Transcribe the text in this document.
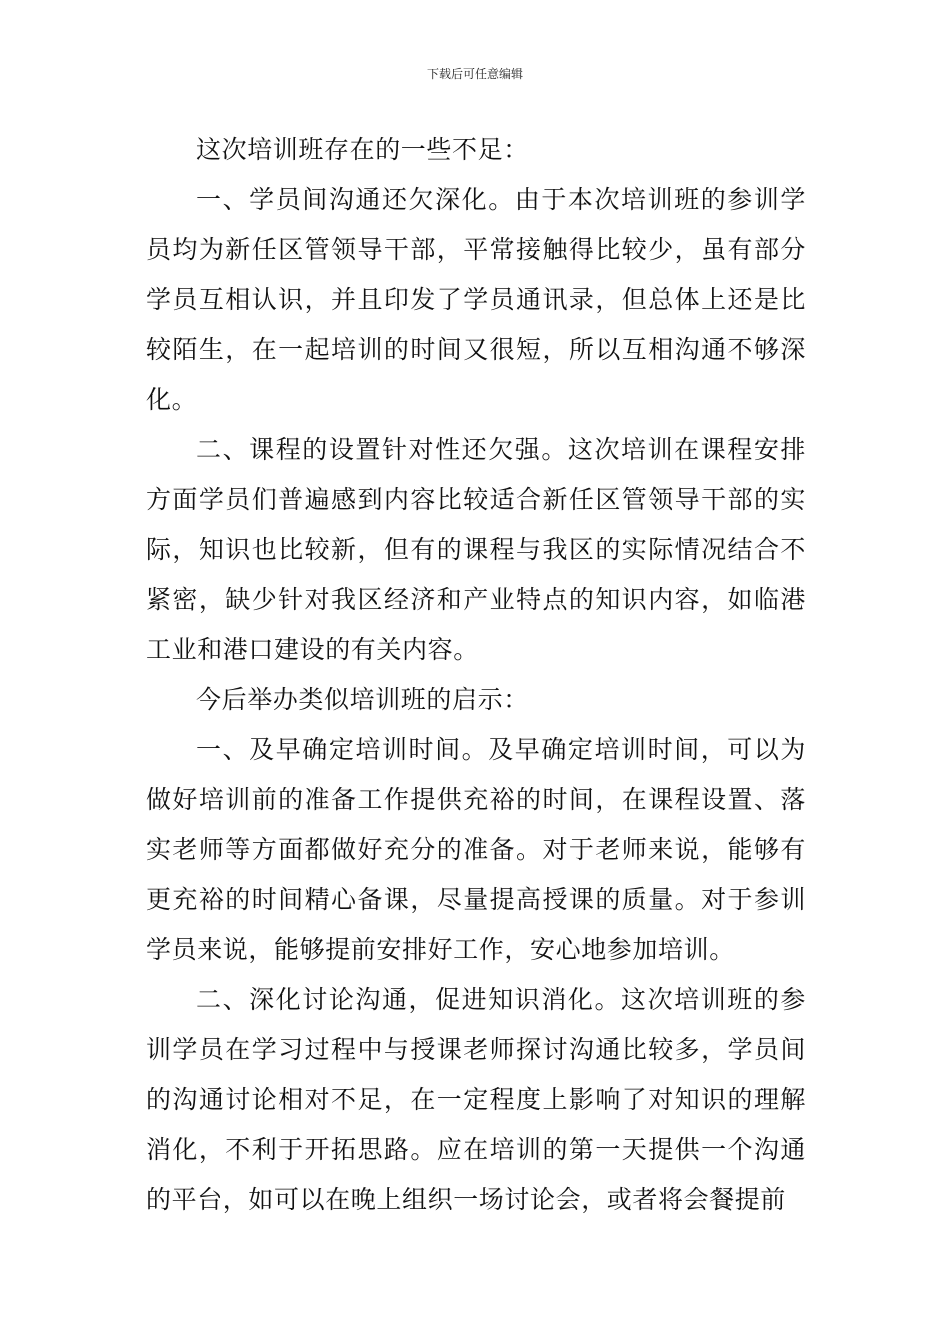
下载后可任意编辑

这次培训班存在的一些不足：

一、学员间沟通还欠深化。由于本次培训班的参训学员均为新任区管领导干部，平常接触得比较少，虽有部分学员互相认识，并且印发了学员通讯录，但总体上还是比较陌生，在一起培训的时间又很短，所以互相沟通不够深化。

二、课程的设置针对性还欠强。这次培训在课程安排方面学员们普遍感到内容比较适合新任区管领导干部的实际，知识也比较新，但有的课程与我区的实际情况结合不紧密，缺少针对我区经济和产业特点的知识内容，如临港工业和港口建设的有关内容。

今后举办类似培训班的启示：

一、及早确定培训时间。及早确定培训时间，可以为做好培训前的准备工作提供充裕的时间，在课程设置、落实老师等方面都做好充分的准备。对于老师来说，能够有更充裕的时间精心备课，尽量提高授课的质量。对于参训学员来说，能够提前安排好工作，安心地参加培训。

二、深化讨论沟通，促进知识消化。这次培训班的参训学员在学习过程中与授课老师探讨沟通比较多，学员间的沟通讨论相对不足，在一定程度上影响了对知识的理解消化，不利于开拓思路。应在培训的第一天提供一个沟通的平台，如可以在晚上组织一场讨论会，或者将会餐提前
